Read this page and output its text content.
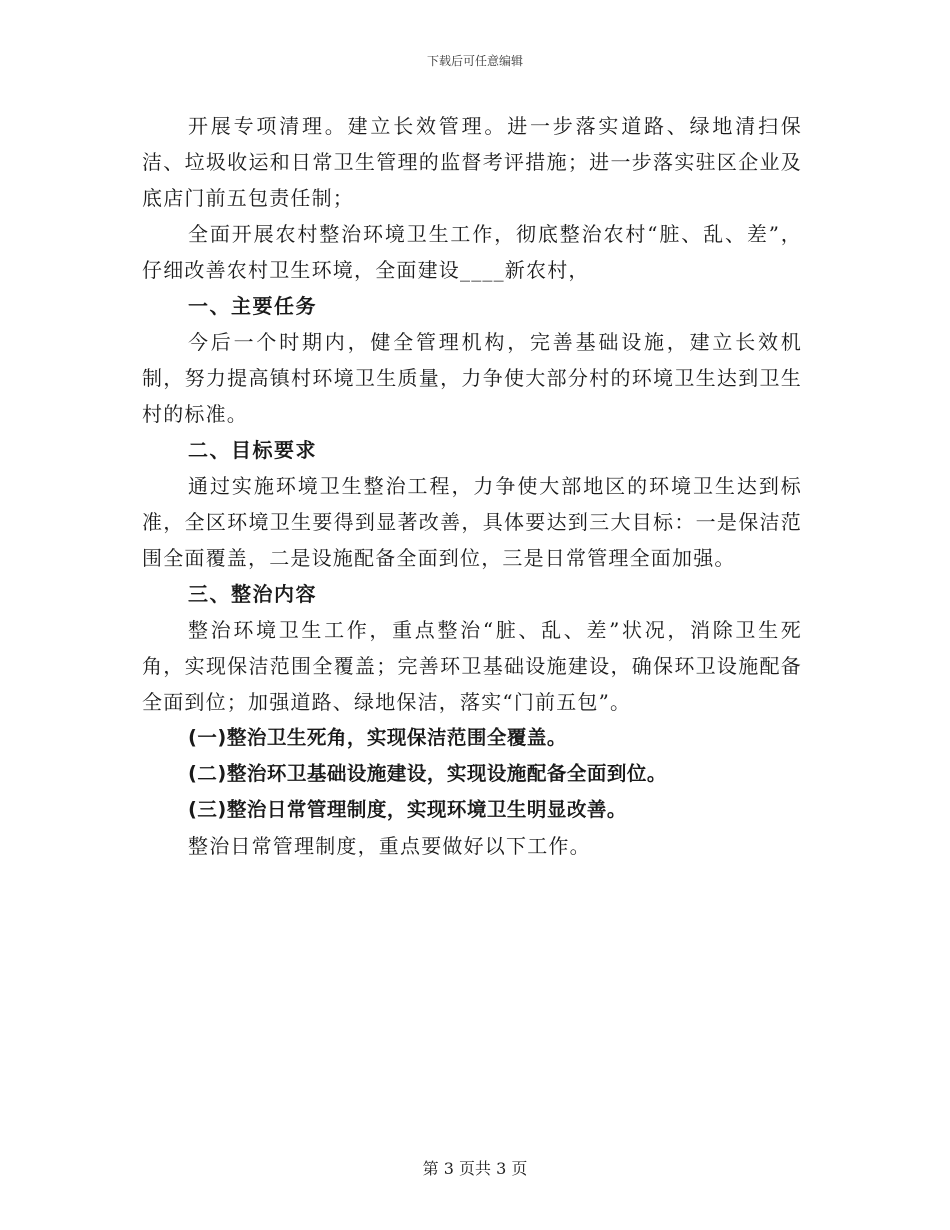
下载后可任意编辑

开展专项清理。建立长效管理。进一步落实道路、绿地清扫保洁、垃圾收运和日常卫生管理的监督考评措施；进一步落实驻区企业及底店门前五包责任制；

全面开展农村整治环境卫生工作，彻底整治农村“脏、乱、差”，仔细改善农村卫生环境，全面建设____新农村，

一、主要任务

今后一个时期内，健全管理机构，完善基础设施，建立长效机制，努力提高镇村环境卫生质量，力争使大部分村的环境卫生达到卫生村的标准。

二、目标要求

通过实施环境卫生整治工程，力争使大部地区的环境卫生达到标准，全区环境卫生要得到显著改善，具体要达到三大目标：一是保洁范围全面覆盖，二是设施配备全面到位，三是日常管理全面加强。

三、整治内容

整治环境卫生工作，重点整治“脏、乱、差”状况，消除卫生死角，实现保洁范围全覆盖；完善环卫基础设施建设，确保环卫设施配备全面到位；加强道路、绿地保洁，落实“门前五包”。

(一)整治卫生死角，实现保洁范围全覆盖。

(二)整治环卫基础设施建设，实现设施配备全面到位。

(三)整治日常管理制度，实现环境卫生明显改善。

整治日常管理制度，重点要做好以下工作。

第 3 页共 3 页
